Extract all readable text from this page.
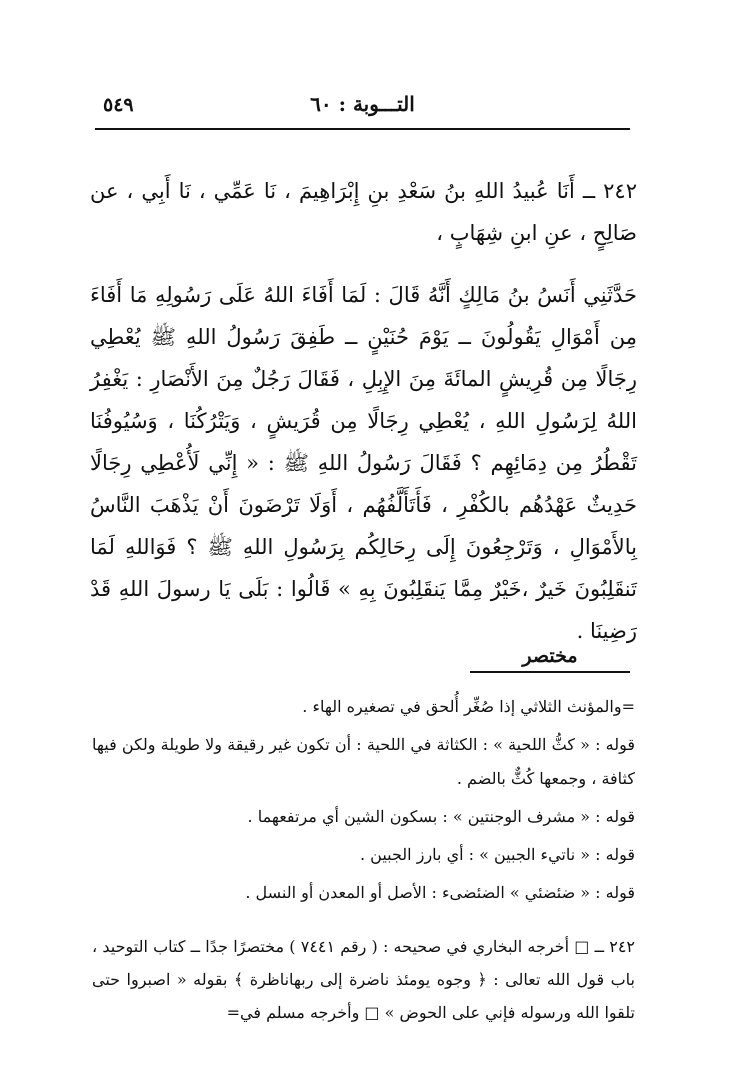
٥٤٩	التـــوبة : ٦٠

٢٤٢ ــ أَنَا عُبيدُ اللهِ بنُ سَعْدِ بنِ إِبْرَاهِيمَ ، نَا عَمِّي ، نَا أَبِي ، عن صَالِحٍ ، عنِ ابنِ شِهَابٍ ،

حَدَّثَنِي أَنَسُ بنُ مَالِكٍ أَنَّهُ قَالَ : لَمَا أَفَاءَ اللهُ عَلَى رَسُولِهِ مَا أَفَاءَ مِن أَمْوَالِ يَقُولُونَ ــ يَوْمَ حُنَيْنٍ ــ طَفِقَ رَسُولُ اللهِ ﷺ يُعْطِي رِجَالًا مِن قُرِيشٍ المائَةَ مِنَ الإِبِلِ ، فَقَالَ رَجُلٌ مِنَ الأَنْصَارِ : يَغْفِرُ اللهُ لِرَسُولِ اللهِ ، يُعْطِي رِجَالًا مِن قُرَيشٍ ، وَيَتْرُكُنَا ، وَسُيُوفُنَا تَقْطُرُ مِن دِمَائِهِم ؟ فَقَالَ رَسُولُ اللهِ ﷺ : « إِنِّي لَأُعْطِي رِجَالًا حَدِيثٌ عَهْدُهُم بالكُفْرِ ، فَأَتَأَلَّفُهُم ، أَوَلَا تَرْضَونَ أَنْ يَذْهَبَ النَّاسُ بِالأَمْوَالِ ، وَتَرْجِعُونَ إِلَى رِحَالِكُم بِرَسُولِ اللهِ ﷺ ؟ فَوَاللهِ لَمَا تَنقَلِبُونَ خَيرٌ ،خَيْرٌ مِمَّا يَنقَلِبُونَ بِهِ » قَالُوا : بَلَى يَا رسولَ اللهِ قَدْ رَضِينَا .

مختصر

=والمؤنث الثلاثي إذا صُغِّر أُلحق في تصغيره الهاء .

قوله : « كثُّ اللحية » : الكثاثة في اللحية : أن تكون غير رقيقة ولا طويلة ولكن فيها كثافة ، وجمعها كُثٌّ بالضم .

قوله : « مشرف الوجنتين » : بسكون الشين أي مرتفعهما .

قوله : « ناتيء الجبين » : أي بارز الجبين .

قوله : « ضئضئي » الضئضىء : الأصل أو المعدن أو النسل .

٢٤٢ ــ □ أخرجه البخاري في صحيحه : ( رقم ٧٤٤١ ) مختصرًا جدًا ــ كتاب التوحيد ، باب قول الله تعالى : ﴿ وجوه يومئذ ناضرة إلى ربهاناظرة ﴾ بقوله « اصبروا حتى تلقوا الله ورسوله فإني على الحوض » □ وأخرجه مسلم في=
